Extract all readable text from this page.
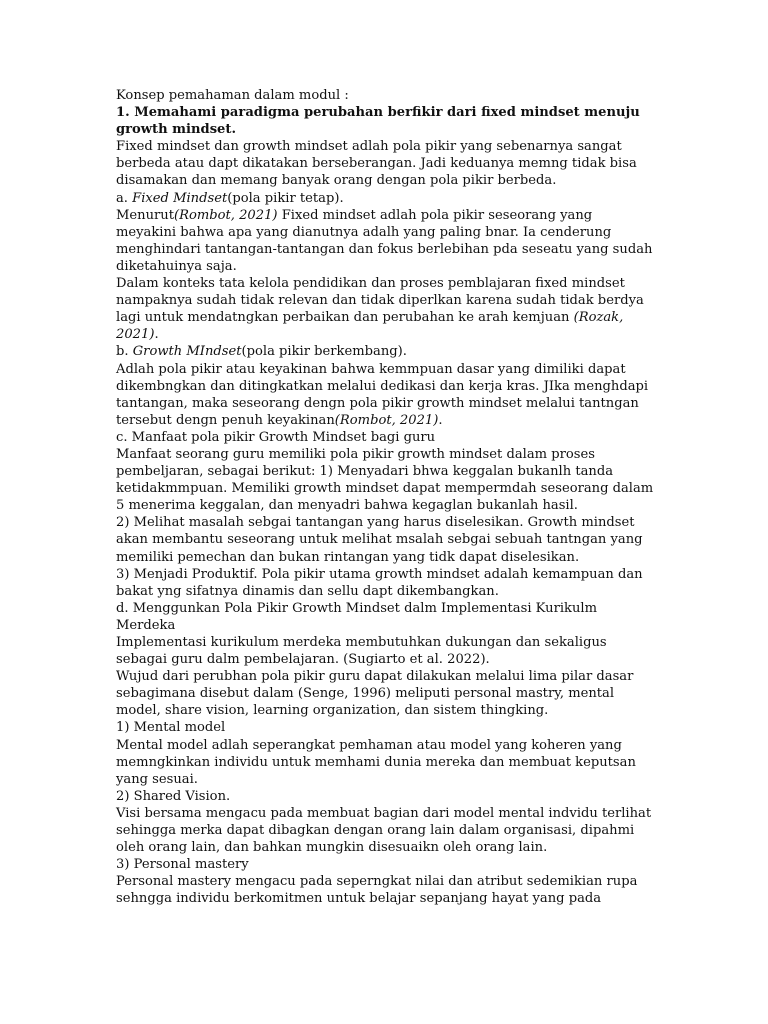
Konsep pemahaman dalam modul :

1. Memahami paradigma perubahan berfikir dari fixed mindset menuju growth mindset.

Fixed mindset dan growth mindset adlah pola pikir yang sebenarnya sangat berbeda atau dapt dikatakan berseberangan. Jadi keduanya memng tidak bisa disamakan dan memang banyak orang dengan pola pikir berbeda.

a. Fixed Mindset(pola pikir tetap).

Menurut(Rombot, 2021) Fixed mindset adlah pola pikir seseorang yang meyakini bahwa apa yang dianutnya adalh yang paling bnar. Ia cenderung menghindari tantangan-tantangan dan fokus berlebihan pda seseatu yang sudah diketahuinya saja.

Dalam konteks tata kelola pendidikan dan proses pemblajaran fixed mindset nampaknya sudah tidak relevan dan tidak diperlkan karena sudah tidak berdya lagi untuk mendatngkan perbaikan dan perubahan ke arah kemjuan (Rozak, 2021).

b. Growth MIndset(pola pikir berkembang).

Adlah pola pikir atau keyakinan bahwa kemmpuan dasar yang dimiliki dapat dikembngkan dan ditingkatkan melalui dedikasi dan kerja kras. JIka menghdapi tantangan, maka seseorang dengn pola pikir growth mindset melalui tantngan tersebut dengn penuh keyakinan(Rombot, 2021).

c. Manfaat pola pikir Growth Mindset bagi guru

Manfaat seorang guru memiliki pola pikir growth mindset dalam proses pembeljaran, sebagai berikut: 1) Menyadari bhwa keggalan bukanlh tanda ketidakmmpuan. Memiliki growth mindset dapat mempermdah seseorang dalam 5 menerima keggalan, dan menyadri bahwa kegaglan bukanlah hasil.

2) Melihat masalah sebgai tantangan yang harus diselesikan. Growth mindset akan membantu seseorang untuk melihat msalah sebgai sebuah tantngan yang memiliki pemechan dan bukan rintangan yang tidk dapat diselesikan.

3) Menjadi Produktif. Pola pikir utama growth mindset adalah kemampuan dan bakat yng sifatnya dinamis dan sellu dapt dikembangkan.

d. Menggunkan Pola Pikir Growth Mindset dalm Implementasi Kurikulm Merdeka

Implementasi kurikulum merdeka membutuhkan dukungan dan sekaligus sebagai guru dalm pembelajaran. (Sugiarto et al. 2022).

Wujud dari perubhan pola pikir guru dapat dilakukan melalui lima pilar dasar sebagimana disebut dalam (Senge, 1996) meliputi personal mastry, mental model, share vision, learning organization, dan sistem thingking.

1) Mental model

Mental model adlah seperangkat pemhaman atau model yang koheren yang memngkinkan individu untuk memhami dunia mereka dan membuat keputsan yang sesuai.

2) Shared Vision.

Visi bersama mengacu pada membuat bagian dari model mental indvidu terlihat sehingga merka dapat dibagkan dengan orang lain dalam organisasi, dipahmi oleh orang lain, dan bahkan mungkin disesuaikn oleh orang lain.

3) Personal mastery

Personal mastery mengacu pada seperngkat nilai dan atribut sedemikian rupa sehngga individu berkomitmen untuk belajar sepanjang hayat yang pada
